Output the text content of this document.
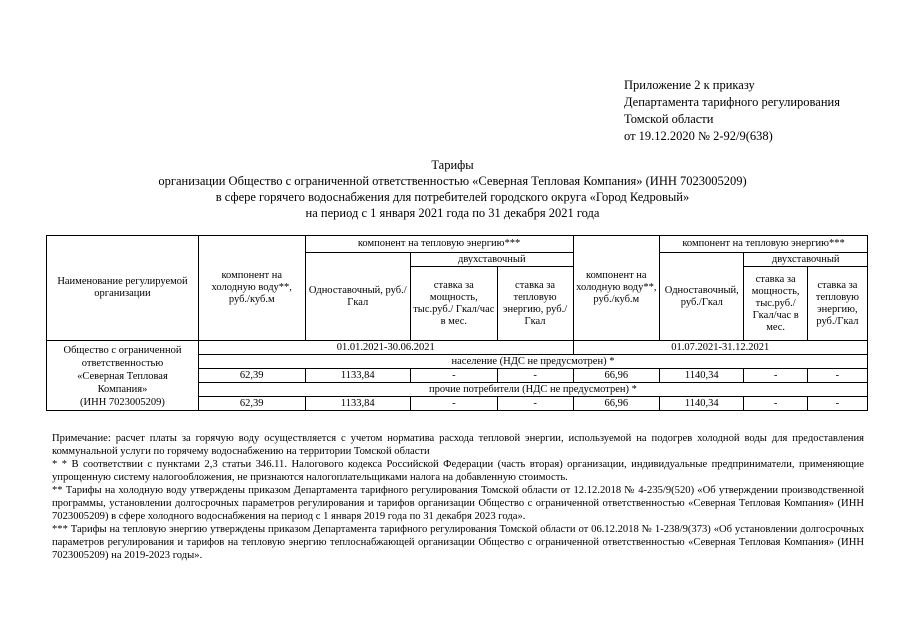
Приложение 2 к приказу
Департамента тарифного регулирования
Томской области
от 19.12.2020 № 2-92/9(638)
Тарифы
организации Общество с ограниченной ответственностью «Северная Тепловая Компания» (ИНН 7023005209)
в сфере горячего водоснабжения для потребителей городского округа «Город Кедровый»
на период с 1 января 2021 года по 31 декабря 2021 года
Наименование регулируемой организации	компонент на холодную воду**, руб./куб.м	компонент на тепловую энергию***			компонент на холодную воду**, руб./куб.м	компонент на тепловую энергию***		
		Одноставочный, руб./Гкал	двухставочный			Одноставочный, руб./Гкал	двухставочный	
			ставка за мощность, тыс.руб./ Гкал/час в мес.	ставка за тепловую энергию, руб./Гкал			ставка за мощность, тыс.руб./ Гкал/час в мес.	ставка за тепловую энергию, руб./Гкал

Общество с ограниченной
ответственностью
«Северная Тепловая
Компания»
(ИНН 7023005209)	01.01.2021-30.06.2021				01.07.2021-31.12.2021			
	население (НДС не предусмотрен) *							
	62,39	1133,84	-	-	66,96	1140,34	-	-
	прочие потребители (НДС не предусмотрен) *							
	62,39	1133,84	-	-	66,96	1140,34	-	-

Примечание: расчет платы за горячую воду осуществляется с учетом норматива расхода тепловой энергии, используемой на подогрев холодной воды для предоставления коммунальной услуги по горячему водоснабжению на территории Томской области

* * В соответствии с пунктами 2,3 статьи 346.11. Налогового кодекса Российской Федерации (часть вторая) организации, индивидуальные предприниматели, применяющие упрощенную систему налогообложения, не признаются налогоплательщиками налога на добавленную стоимость.

** Тарифы на холодную воду утверждены приказом Департамента тарифного регулирования Томской области от 12.12.2018 № 4-235/9(520) «Об утверждении производственной программы, установлении долгосрочных параметров регулирования и тарифов организации Общество с ограниченной ответственностью «Северная Тепловая Компания» (ИНН 7023005209) в сфере холодного водоснабжения на период с 1 января 2019 года по 31 декабря 2023 года».

*** Тарифы на тепловую энергию утверждены приказом Департамента тарифного регулирования Томской области от 06.12.2018 № 1-238/9(373) «Об установлении долгосрочных параметров регулирования и тарифов на тепловую энергию теплоснабжающей организации Общество с ограниченной ответственностью «Северная Тепловая Компания» (ИНН 7023005209) на 2019-2023 годы».
